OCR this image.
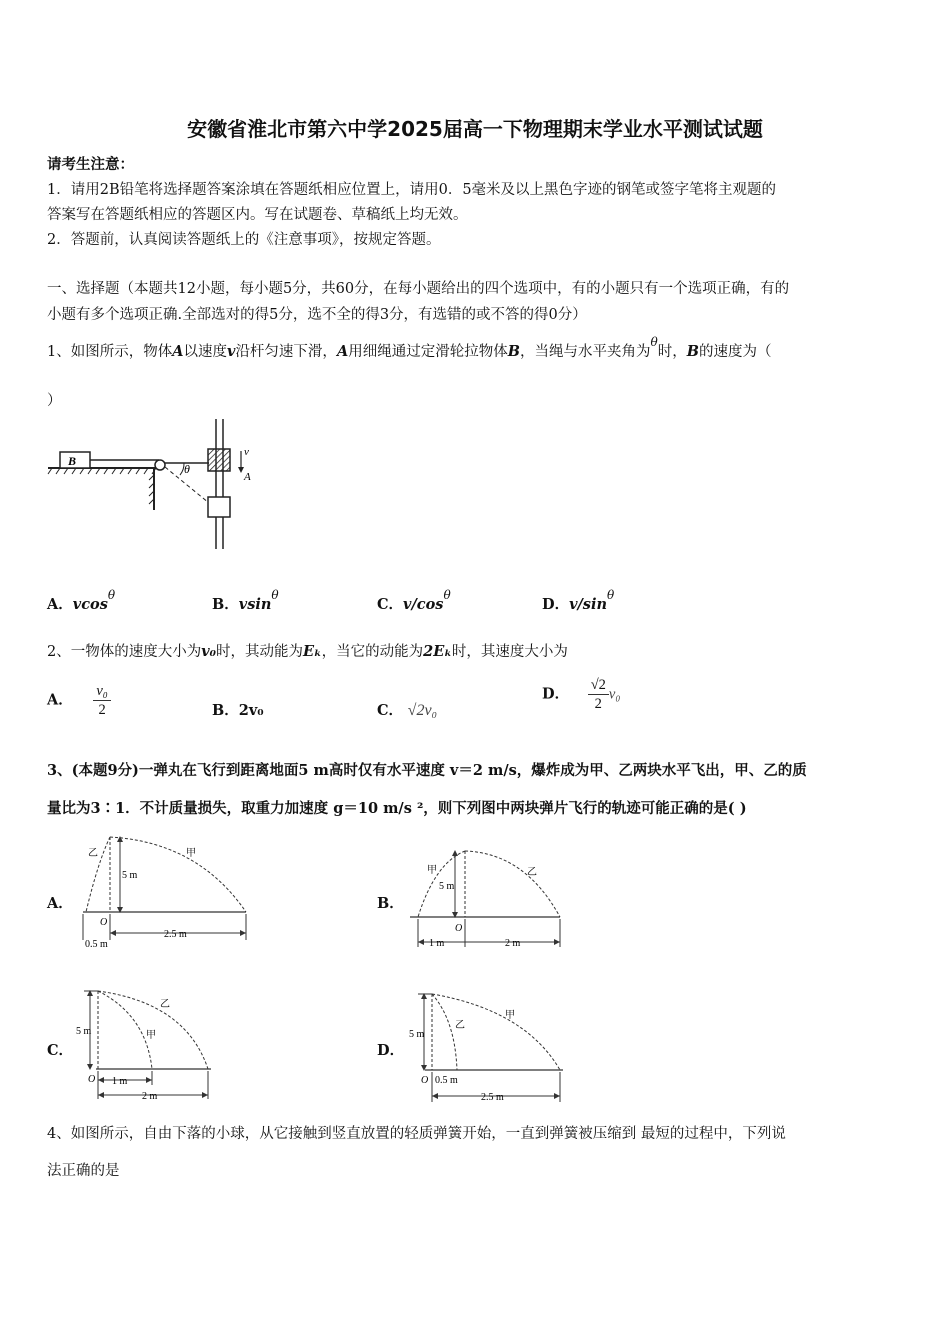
安徽省淮北市第六中学2025届高一下物理期末学业水平测试试题
请考生注意：
1．请用2B铅笔将选择题答案涂填在答题纸相应位置上，请用0．5毫米及以上黑色字迹的钢笔或签字笔将主观题的
答案写在答题纸相应的答题区内。写在试题卷、草稿纸上均无效。
2．答题前，认真阅读答题纸上的《注意事项》，按规定答题。
一、选择题（本题共12小题，每小题5分，共60分，在每小题给出的四个选项中，有的小题只有一个选项正确，有的
小题有多个选项正确.全部选对的得5分，选不全的得3分，有选错的或不答的得0分）
1、如图所示，物体A以速度v沿杆匀速下滑，A用细绳通过定滑轮拉物体B，当绳与水平夹角为$^\theta$时，B的速度为（
）
B
θ
v
A
A．vcos$^\theta$
B．vsin$^\theta$
C．$v/\cos^\theta$
D．$v/\sin^\theta$
2、一物体的速度大小为v₀时，其动能为Eₖ，当它的动能为2Eₖ时，其速度大小为
A． $\frac{\text{v₀}}{2}$	B．2v₀	C． √2v₀
D． $\frac{√2}{2} v_0$
3、(本题9分)一弹丸在飞行到距离地面5 m高时仅有水平速度 v＝2 m/s，爆炸成为甲、乙两块水平飞出，甲、乙的质
量比为3∶1．不计质量损失，取重力加速度 g＝10 m/s ²，则下列图中两块弹片飞行的轨迹可能正确的是( )
A．
5 m
乙	甲
O
0.5 m
2.5 m
B．
5 m
甲	乙
O
1 m	2 m
C．
5 m	甲
乙
O 1 m
2 m
D．
5 m
乙
甲
O 0.5 m
2.5 m
4、如图所示，自由下落的小球，从它接触到竖直放置的轻质弹簧开始，一直到弹簧被压缩到 最短的过程中，下列说
法正确的是
